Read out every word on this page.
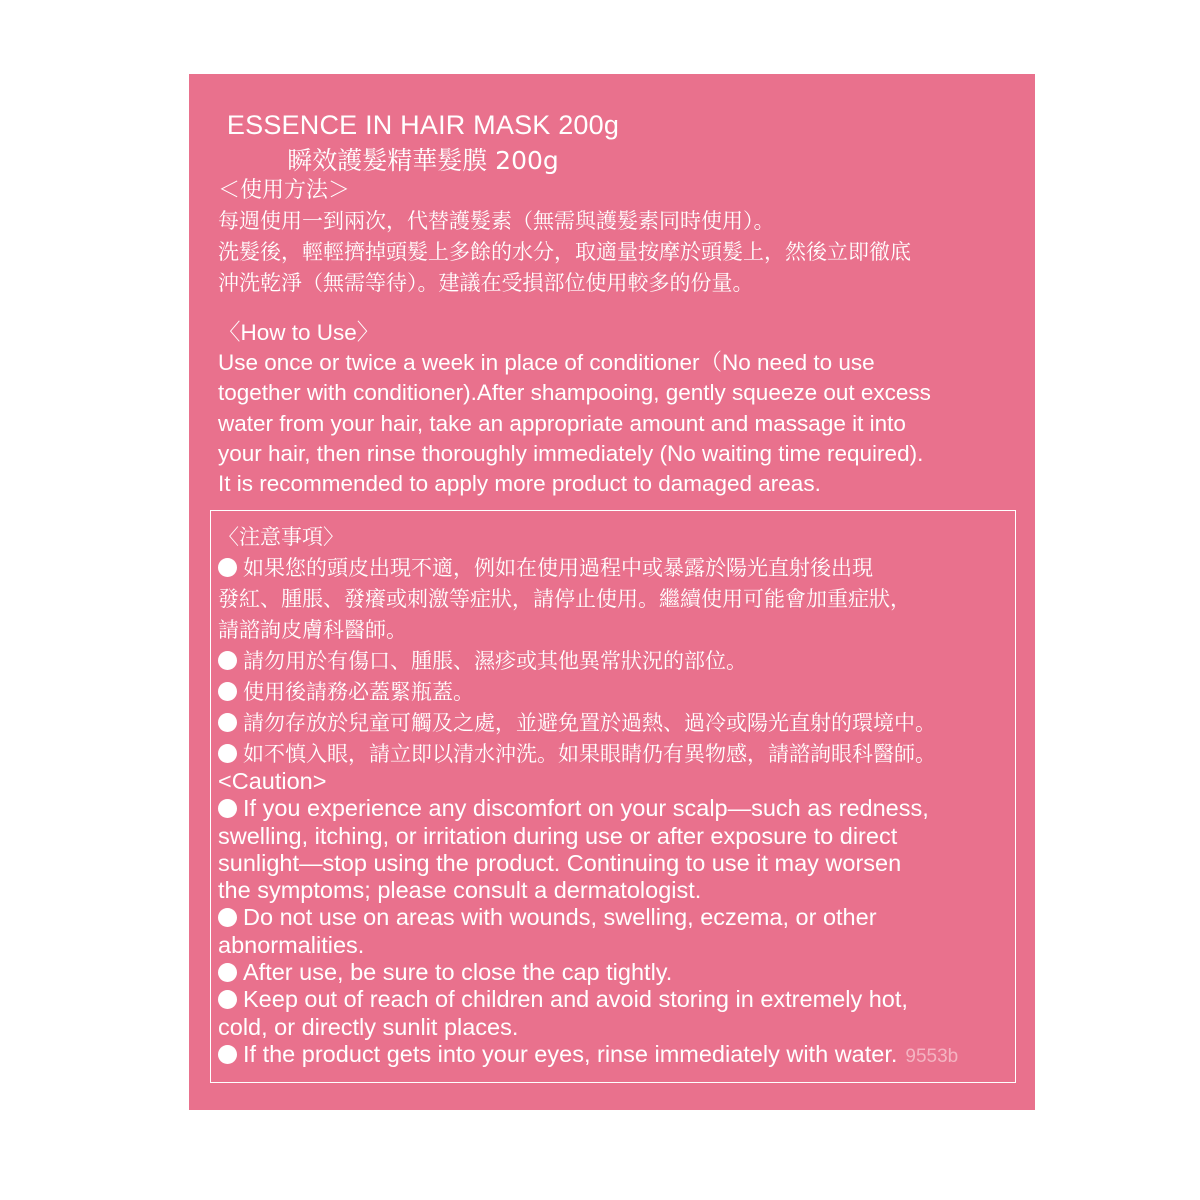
ESSENCE IN HAIR MASK 200g
瞬效護髮精華髮膜 200g
＜使用方法＞
每週使用一到兩次，代替護髮素（無需與護髮素同時使用）。
洗髮後，輕輕擠掉頭髮上多餘的水分，取適量按摩於頭髮上，然後立即徹底
沖洗乾淨（無需等待）。建議在受損部位使用較多的份量。
〈How to Use〉
Use once or twice a week in place of conditioner（No need to use
together with conditioner).After shampooing, gently squeeze out excess
water from your hair, take an appropriate amount and massage it into
your hair, then rinse thoroughly immediately (No waiting time required).
It is recommended to apply more product to damaged areas.
〈注意事項〉
如果您的頭皮出現不適，例如在使用過程中或暴露於陽光直射後出現
發紅、腫脹、發癢或刺激等症狀，請停止使用。繼續使用可能會加重症狀，
請諮詢皮膚科醫師。
請勿用於有傷口、腫脹、濕疹或其他異常狀況的部位。
使用後請務必蓋緊瓶蓋。
請勿存放於兒童可觸及之處，並避免置於過熱、過冷或陽光直射的環境中。
如不慎入眼，請立即以清水沖洗。如果眼睛仍有異物感，請諮詢眼科醫師。
<Caution>
If you experience any discomfort on your scalp—such as redness,
swelling, itching, or irritation during use or after exposure to direct
sunlight—stop using the product. Continuing to use it may worsen
the symptoms; please consult a dermatologist.
Do not use on areas with wounds, swelling, eczema, or other
abnormalities.
After use, be sure to close the cap tightly.
Keep out of reach of children and avoid storing in extremely hot,
cold, or directly sunlit places.
If the product gets into your eyes, rinse immediately with water. 9553b
